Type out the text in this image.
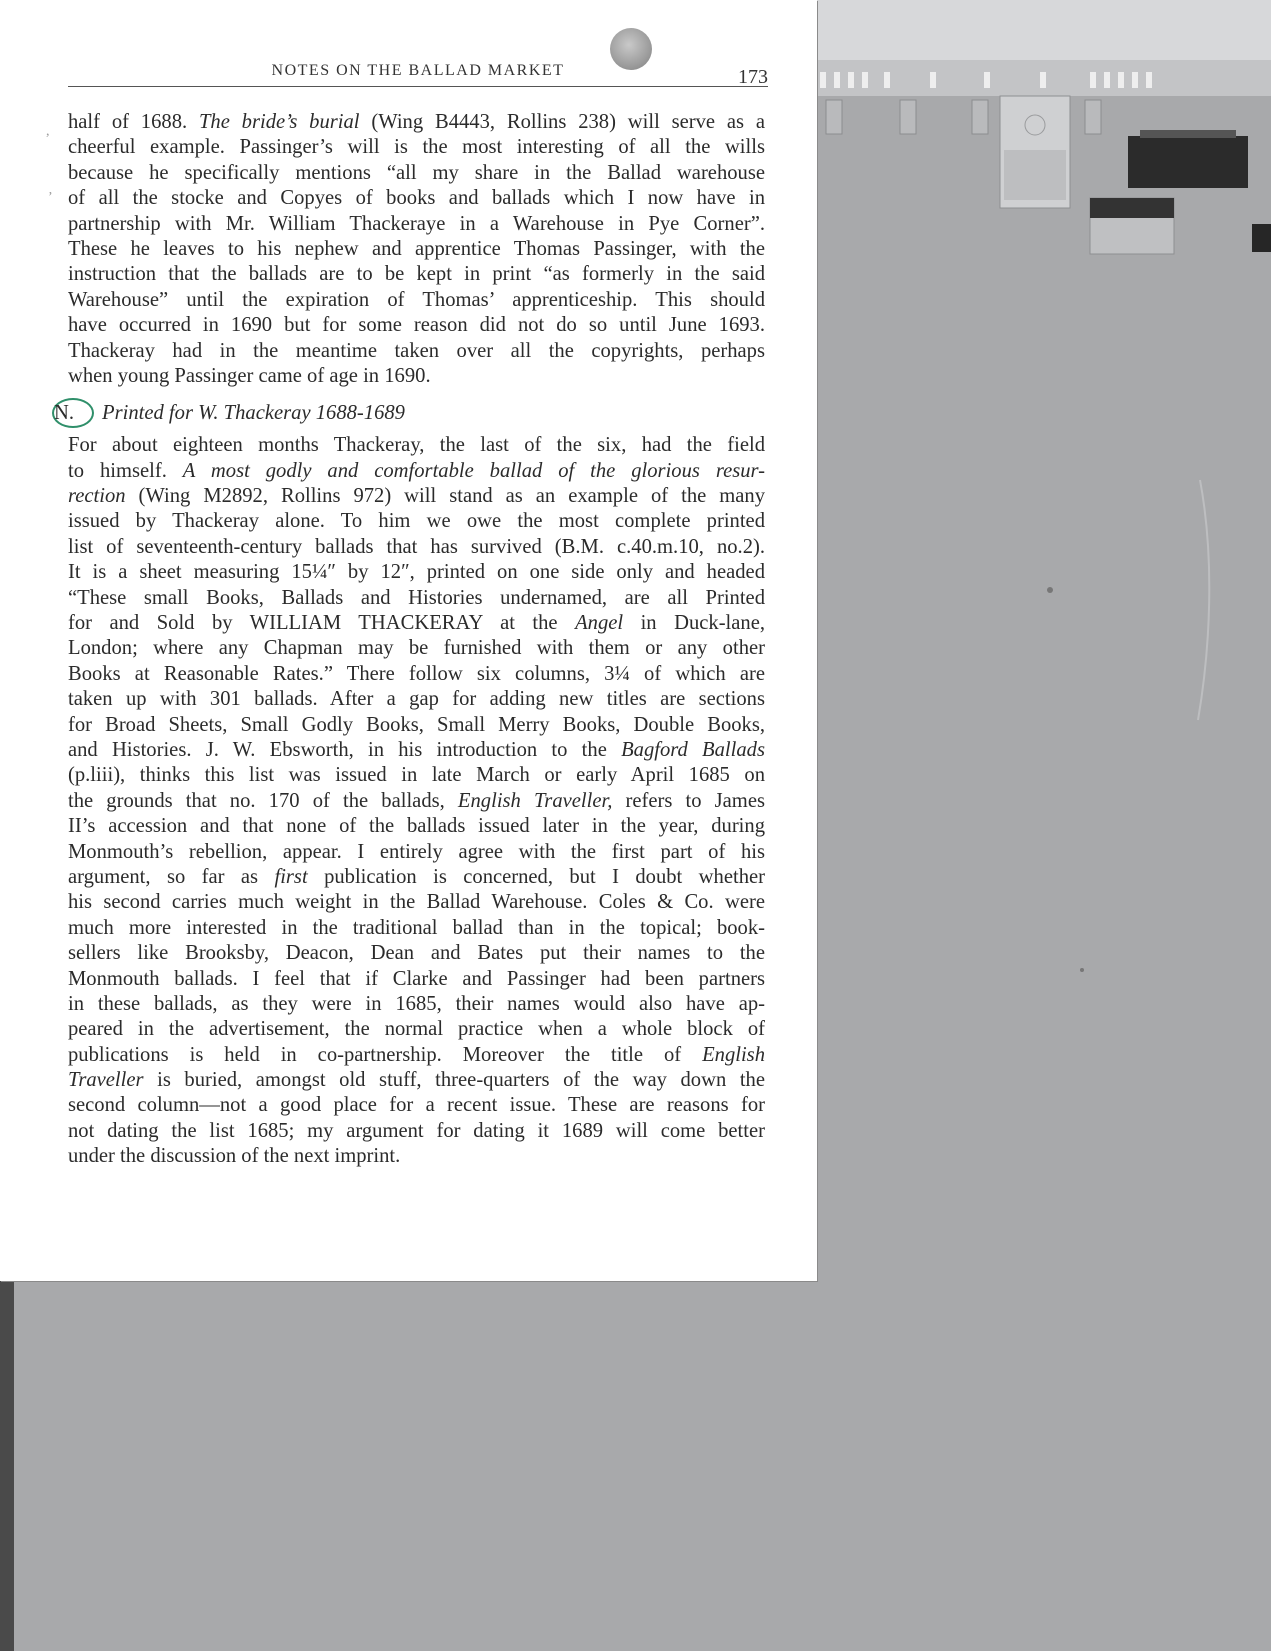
NOTES ON THE BALLAD MARKET	173
,
’
half of 1688. The bride’s burial (Wing B4443, Rollins 238) will serve as a
cheerful example. Passinger’s will is the most interesting of all the wills
because he specifically mentions “all my share in the Ballad warehouse
of all the stocke and Copyes of books and ballads which I now have in
partnership with Mr. William Thackeraye in a Warehouse in Pye Corner”.
These he leaves to his nephew and apprentice Thomas Passinger, with the
instruction that the ballads are to be kept in print “as formerly in the said
Warehouse” until the expiration of Thomas’ apprenticeship. This should
have occurred in 1690 but for some reason did not do so until June 1693.
Thackeray had in the meantime taken over all the copyrights, perhaps
when young Passinger came of age in 1690.
N. Printed for W. Thackeray 1688-1689
For about eighteen months Thackeray, the last of the six, had the field
to himself. A most godly and comfortable ballad of the glorious resur-
rection (Wing M2892, Rollins 972) will stand as an example of the many
issued by Thackeray alone. To him we owe the most complete printed
list of seventeenth-century ballads that has survived (B.M. c.40.m.10, no.2).
It is a sheet measuring 15¼″ by 12″, printed on one side only and headed
“These small Books, Ballads and Histories undernamed, are all Printed
for and Sold by WILLIAM THACKERAY at the Angel in Duck-lane,
London; where any Chapman may be furnished with them or any other
Books at Reasonable Rates.” There follow six columns, 3¼ of which are
taken up with 301 ballads. After a gap for adding new titles are sections
for Broad Sheets, Small Godly Books, Small Merry Books, Double Books,
and Histories. J. W. Ebsworth, in his introduction to the Bagford Ballads
(p.liii), thinks this list was issued in late March or early April 1685 on
the grounds that no. 170 of the ballads, English Traveller, refers to James
II’s accession and that none of the ballads issued later in the year, during
Monmouth’s rebellion, appear. I entirely agree with the first part of his
argument, so far as first publication is concerned, but I doubt whether
his second carries much weight in the Ballad Warehouse. Coles & Co. were
much more interested in the traditional ballad than in the topical; book-
sellers like Brooksby, Deacon, Dean and Bates put their names to the
Monmouth ballads. I feel that if Clarke and Passinger had been partners
in these ballads, as they were in 1685, their names would also have ap-
peared in the advertisement, the normal practice when a whole block of
publications is held in co-partnership. Moreover the title of English
Traveller is buried, amongst old stuff, three-quarters of the way down the
second column—not a good place for a recent issue. These are reasons for
not dating the list 1685; my argument for dating it 1689 will come better
under the discussion of the next imprint.
